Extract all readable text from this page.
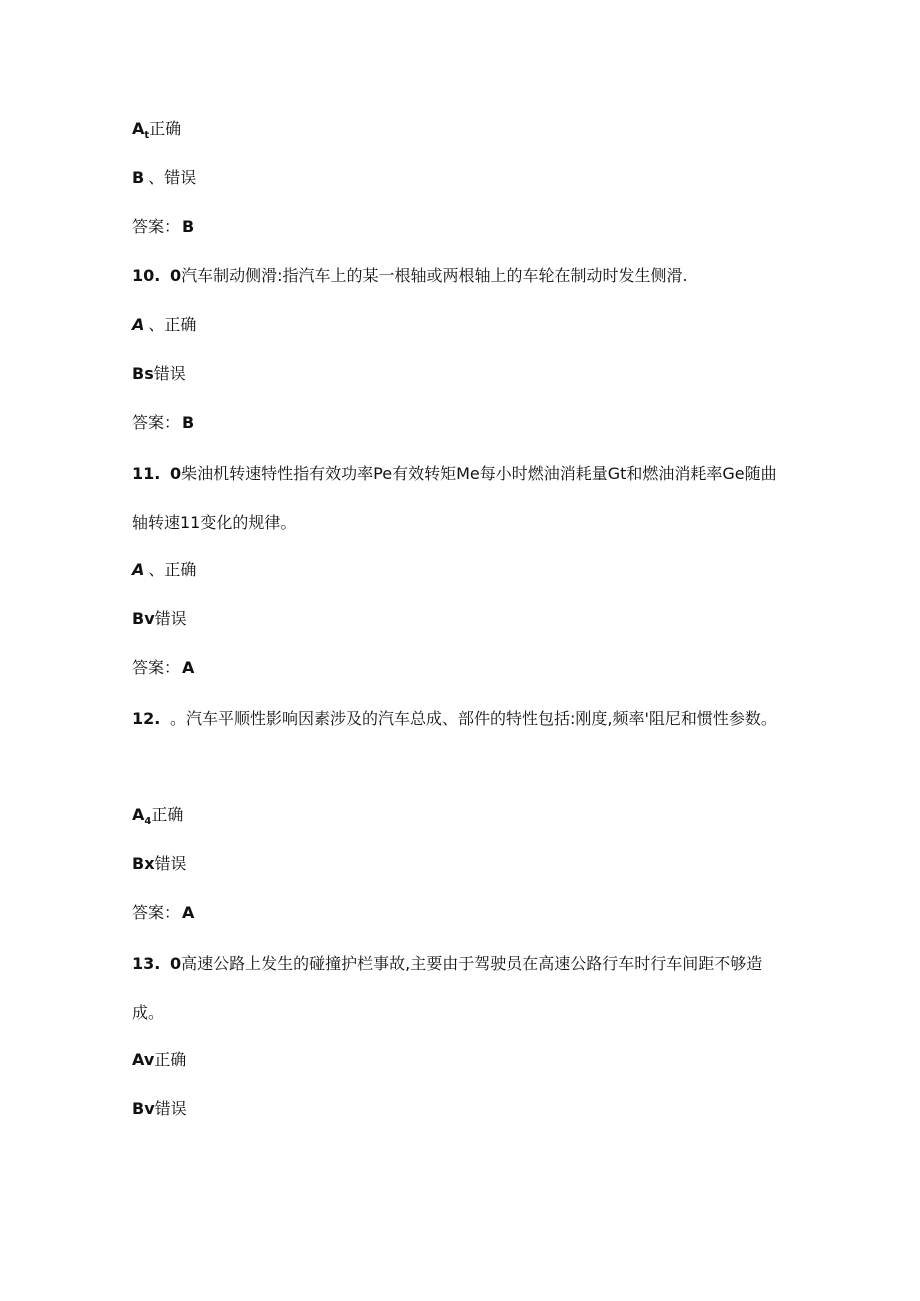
$A_t$正确
B 、错误
答案： B
10. 0汽车制动侧滑:指汽车上的某一根轴或两根轴上的车轮在制动时发生侧滑.
A 、正确
Bs错误
答案： B
11. 0柴油机转速特性指有效功率Pe有效转矩Me每小时燃油消耗量Gt和燃油消耗率Ge随曲轴转速11变化的规律。
A 、正确
Bv错误
答案： A
12. 。汽车平顺性影响因素涉及的汽车总成、部件的特性包括:刚度,频率'阻尼和惯性参数。
$A_4$正确
Bx错误
答案： A
13. 0高速公路上发生的碰撞护栏事故,主要由于驾驶员在高速公路行车时行车间距不够造成。
Av正确
Bv错误
